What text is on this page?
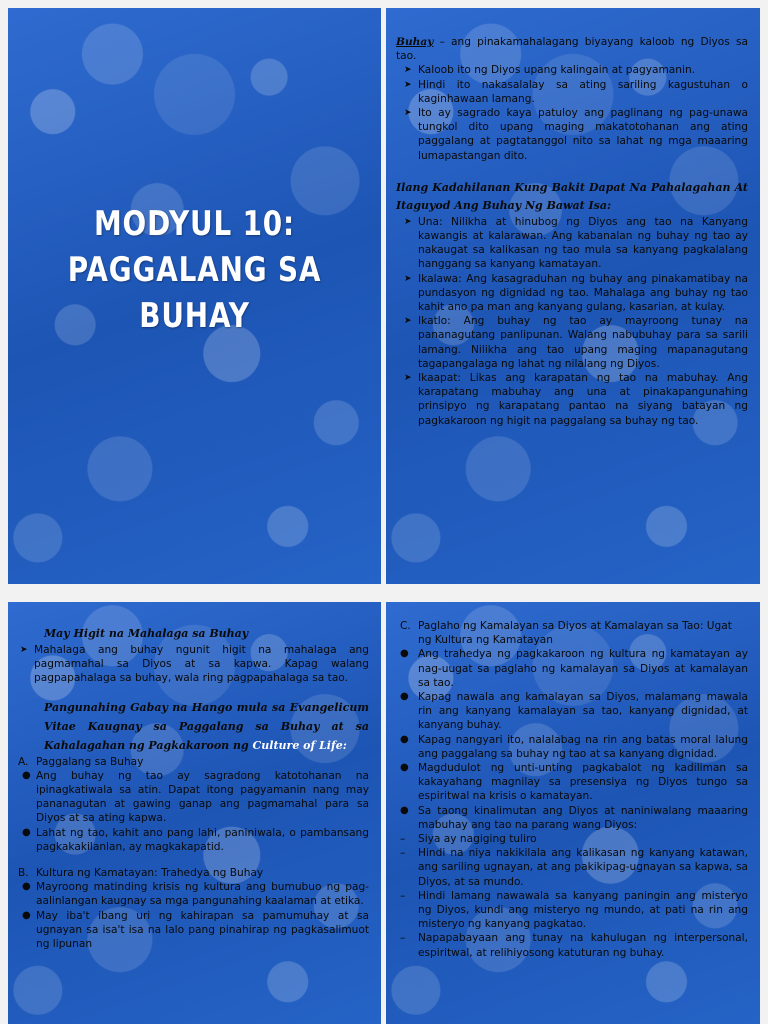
MODYUL 10:
PAGGALANG SA
BUHAY

Buhay – ang pinakamahalagang biyayang kaloob ng Diyos sa tao.

➤ Kaloob ito ng Diyos upang kalingain at pagyamanin.
➤ Hindi ito nakasalalay sa ating sariling kagustuhan o kaginhawaan lamang.
➤ Ito ay sagrado kaya patuloy ang paglinang ng pag-unawa tungkol dito upang maging makatotohanan ang ating paggalang at pagtatanggol nito sa lahat ng mga maaaring lumapastangan dito.

Ilang Kadahilanan Kung Bakit Dapat Na Pahalagahan At Itaguyod Ang Buhay Ng Bawat Isa:

➤ Una: Nilikha at hinubog ng Diyos ang tao na Kanyang kawangis at kalarawan. Ang kabanalan ng buhay ng tao ay nakaugat sa kalikasan ng tao mula sa kanyang pagkalalang hanggang sa kanyang kamatayan.
➤ Ikalawa: Ang kasagraduhan ng buhay ang pinakamatibay na pundasyon ng dignidad ng tao. Mahalaga ang buhay ng tao kahit ano pa man ang kanyang gulang, kasarian, at kulay.
➤ Ikatlo: Ang buhay ng tao ay mayroong tunay na pananagutang panlipunan. Walang nabubuhay para sa sarili lamang. Nilikha ang tao upang maging mapanagutang tagapangalaga ng lahat ng nilalang ng Diyos.
➤ Ikaapat: Likas ang karapatan ng tao na mabuhay. Ang karapatang mabuhay ang una at pinakapangunahing prinsipyo ng karapatang pantao na siyang batayan ng pagkakaroon ng higit na paggalang sa buhay ng tao.

May Higit na Mahalaga sa Buhay

➤ Mahalaga ang buhay ngunit higit na mahalaga ang pagmamahal sa Diyos at sa kapwa. Kapag walang pagpapahalaga sa buhay, wala ring pagpapahalaga sa tao.

Pangunahing Gabay na Hango mula sa Evangelicum Vitae Kaugnay sa Paggalang sa Buhay at sa Kahalagahan ng Pagkakaroon ng Culture of Life:

A. Paggalang sa Buhay
● Ang buhay ng tao ay sagradong katotohanan na ipinagkatiwala sa atin. Dapat itong pagyamanin nang may pananagutan at gawing ganap ang pagmamahal para sa Diyos at sa ating kapwa.
● Lahat ng tao, kahit ano pang lahi, paniniwala, o pambansang pagkakakilanlan, ay magkakapatid.
B. Kultura ng Kamatayan: Trahedya ng Buhay
● Mayroong matinding krisis ng kultura ang bumubuo ng pag-aalinlangan kaugnay sa mga pangunahing kaalaman at etika.
● May iba't ibang uri ng kahirapan sa pamumuhay at sa ugnayan sa isa't isa na lalo pang pinahirap ng pagkasalimuot ng lipunan
C. Paglaho ng Kamalayan sa Diyos at Kamalayan sa Tao: Ugat ng Kultura ng Kamatayan
● Ang trahedya ng pagkakaroon ng kultura ng kamatayan ay nag-uugat sa paglaho ng kamalayan sa Diyos at kamalayan sa tao.
● Kapag nawala ang kamalayan sa Diyos, malamang mawala rin ang kanyang kamalayan sa tao, kanyang dignidad, at kanyang buhay.
● Kapag nangyari ito, nalalabag na rin ang batas moral lalung ang paggalang sa buhay ng tao at sa kanyang dignidad.
● Magdudulot ng unti-unting pagkabalot ng kadiliman sa kakayahang magnilay sa presensiya ng Diyos tungo sa espiritwal na krisis o kamatayan.
● Sa taong kinalimutan ang Diyos at naniniwalang maaaring mabuhay ang tao na parang wang Diyos:
– Siya ay nagiging tuliro
– Hindi na niya nakikilala ang kalikasan ng kanyang katawan, ang sariling ugnayan, at ang pakikipag-ugnayan sa kapwa, sa Diyos, at sa mundo.
– Hindi lamang nawawala sa kanyang paningin ang misteryo ng Diyos, kundi ang misteryo ng mundo, at pati na rin ang misteryo ng kanyang pagkatao.
– Napapabayaan ang tunay na kahulugan ng interpersonal, espiritwal, at relihiyosong katuturan ng buhay.
